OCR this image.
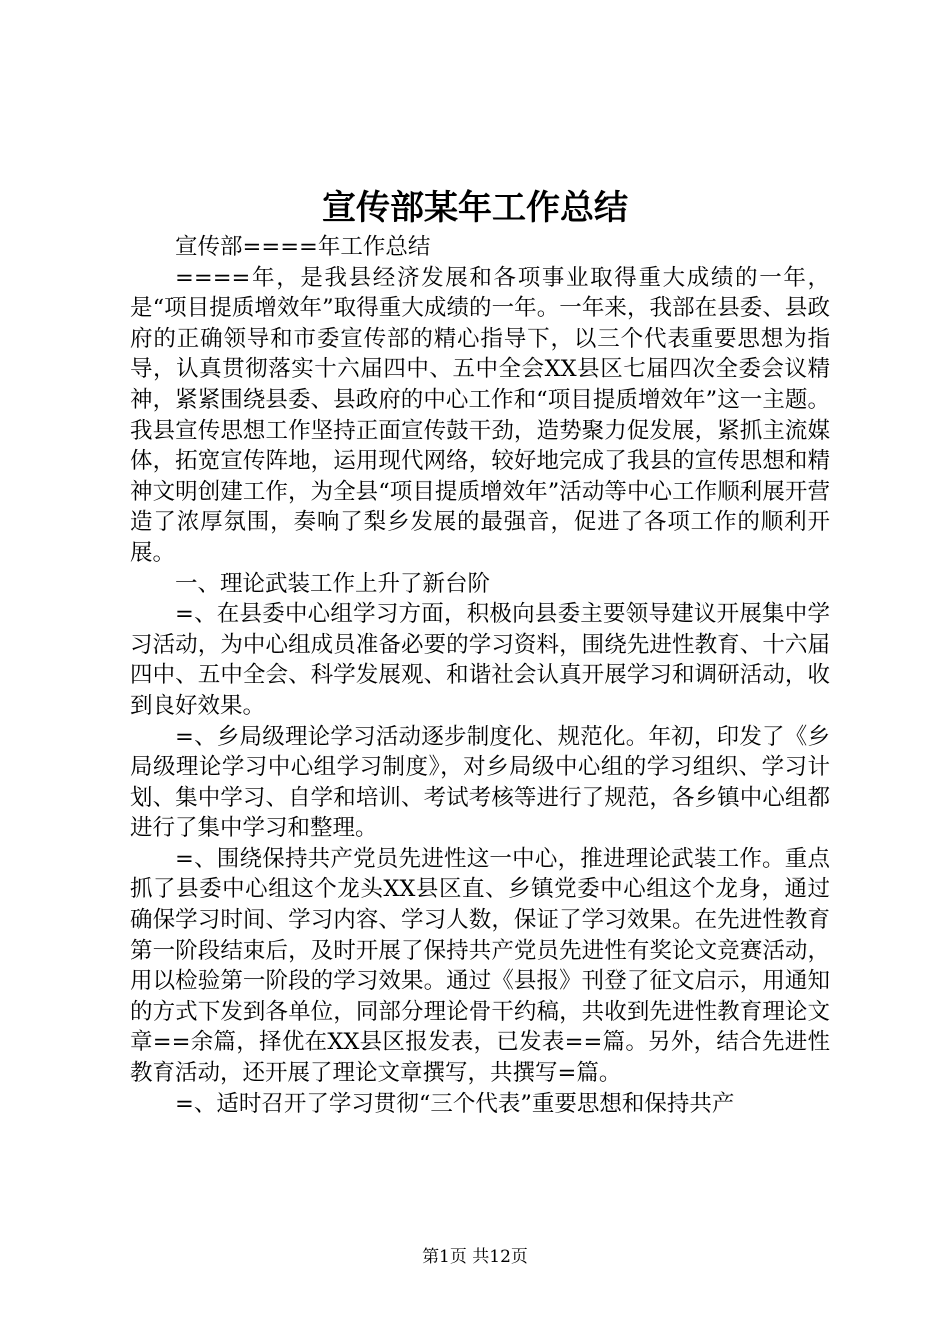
宣传部某年工作总结

宣传部====年工作总结

====年，是我县经济发展和各项事业取得重大成绩的一年，是“项目提质增效年”取得重大成绩的一年。一年来，我部在县委、县政府的正确领导和市委宣传部的精心指导下，以三个代表重要思想为指导，认真贯彻落实十六届四中、五中全会XX县区七届四次全委会议精神，紧紧围绕县委、县政府的中心工作和“项目提质增效年”这一主题。我县宣传思想工作坚持正面宣传鼓干劲，造势聚力促发展，紧抓主流媒体，拓宽宣传阵地，运用现代网络，较好地完成了我县的宣传思想和精神文明创建工作，为全县“项目提质增效年”活动等中心工作顺利展开营造了浓厚氛围，奏响了梨乡发展的最强音，促进了各项工作的顺利开展。

一、理论武装工作上升了新台阶

=、在县委中心组学习方面，积极向县委主要领导建议开展集中学习活动，为中心组成员准备必要的学习资料，围绕先进性教育、十六届四中、五中全会、科学发展观、和谐社会认真开展学习和调研活动，收到良好效果。

=、乡局级理论学习活动逐步制度化、规范化。年初，印发了《乡局级理论学习中心组学习制度》，对乡局级中心组的学习组织、学习计划、集中学习、自学和培训、考试考核等进行了规范，各乡镇中心组都进行了集中学习和整理。

=、围绕保持共产党员先进性这一中心，推进理论武装工作。重点抓了县委中心组这个龙头XX县区直、乡镇党委中心组这个龙身，通过确保学习时间、学习内容、学习人数，保证了学习效果。在先进性教育第一阶段结束后，及时开展了保持共产党员先进性有奖论文竞赛活动，用以检验第一阶段的学习效果。通过《县报》刊登了征文启示，用通知的方式下发到各单位，同部分理论骨干约稿，共收到先进性教育理论文章==余篇，择优在XX县区报发表，已发表==篇。另外，结合先进性教育活动，还开展了理论文章撰写，共撰写=篇。

=、适时召开了学习贯彻“三个代表”重要思想和保持共产

第1页 共12页
